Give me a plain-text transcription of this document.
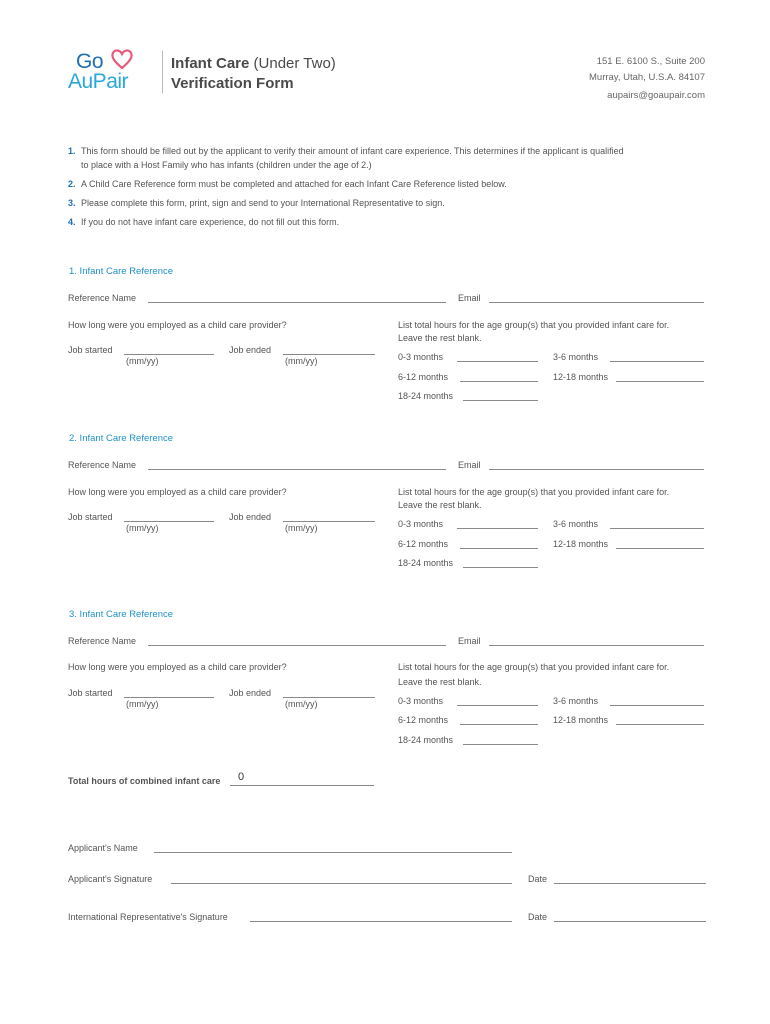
Go
AuPair
Infant Care (Under Two)
Verification Form
151 E. 6100 S., Suite 200
Murray, Utah, U.S.A. 84107
aupairs@goaupair.com
1. This form should be filled out by the applicant to verify their amount of infant care experience. This determines if the applicant is qualified to place with a Host Family who has infants (children under the age of 2.)
2. A Child Care Reference form must be completed and attached for each Infant Care Reference listed below.
3. Please complete this form, print, sign and send to your International Representative to sign.
4. If you do not have infant care experience, do not fill out this form.
1. Infant Care Reference
Reference Name	Email
How long were you employed as a child care provider?
Job started
(mm/yy)
Job ended
(mm/yy)
List total hours for the age group(s) that you provided infant care for.
Leave the rest blank.
0-3 months	3-6 months
6-12 months	12-18 months
18-24 months
2. Infant Care Reference
Reference Name	Email
How long were you employed as a child care provider?
Job started
(mm/yy)
Job ended
(mm/yy)
List total hours for the age group(s) that you provided infant care for.
Leave the rest blank.
0-3 months	3-6 months
6-12 months	12-18 months
18-24 months
3. Infant Care Reference
Reference Name	Email
How long were you employed as a child care provider?
Job started
(mm/yy)
Job ended
(mm/yy)
List total hours for the age group(s) that you provided infant care for.
Leave the rest blank.
0-3 months	3-6 months
6-12 months	12-18 months
18-24 months
Total hours of combined infant care 0
Applicant's Name
Applicant's Signature	Date
International Representative's Signature	Date
